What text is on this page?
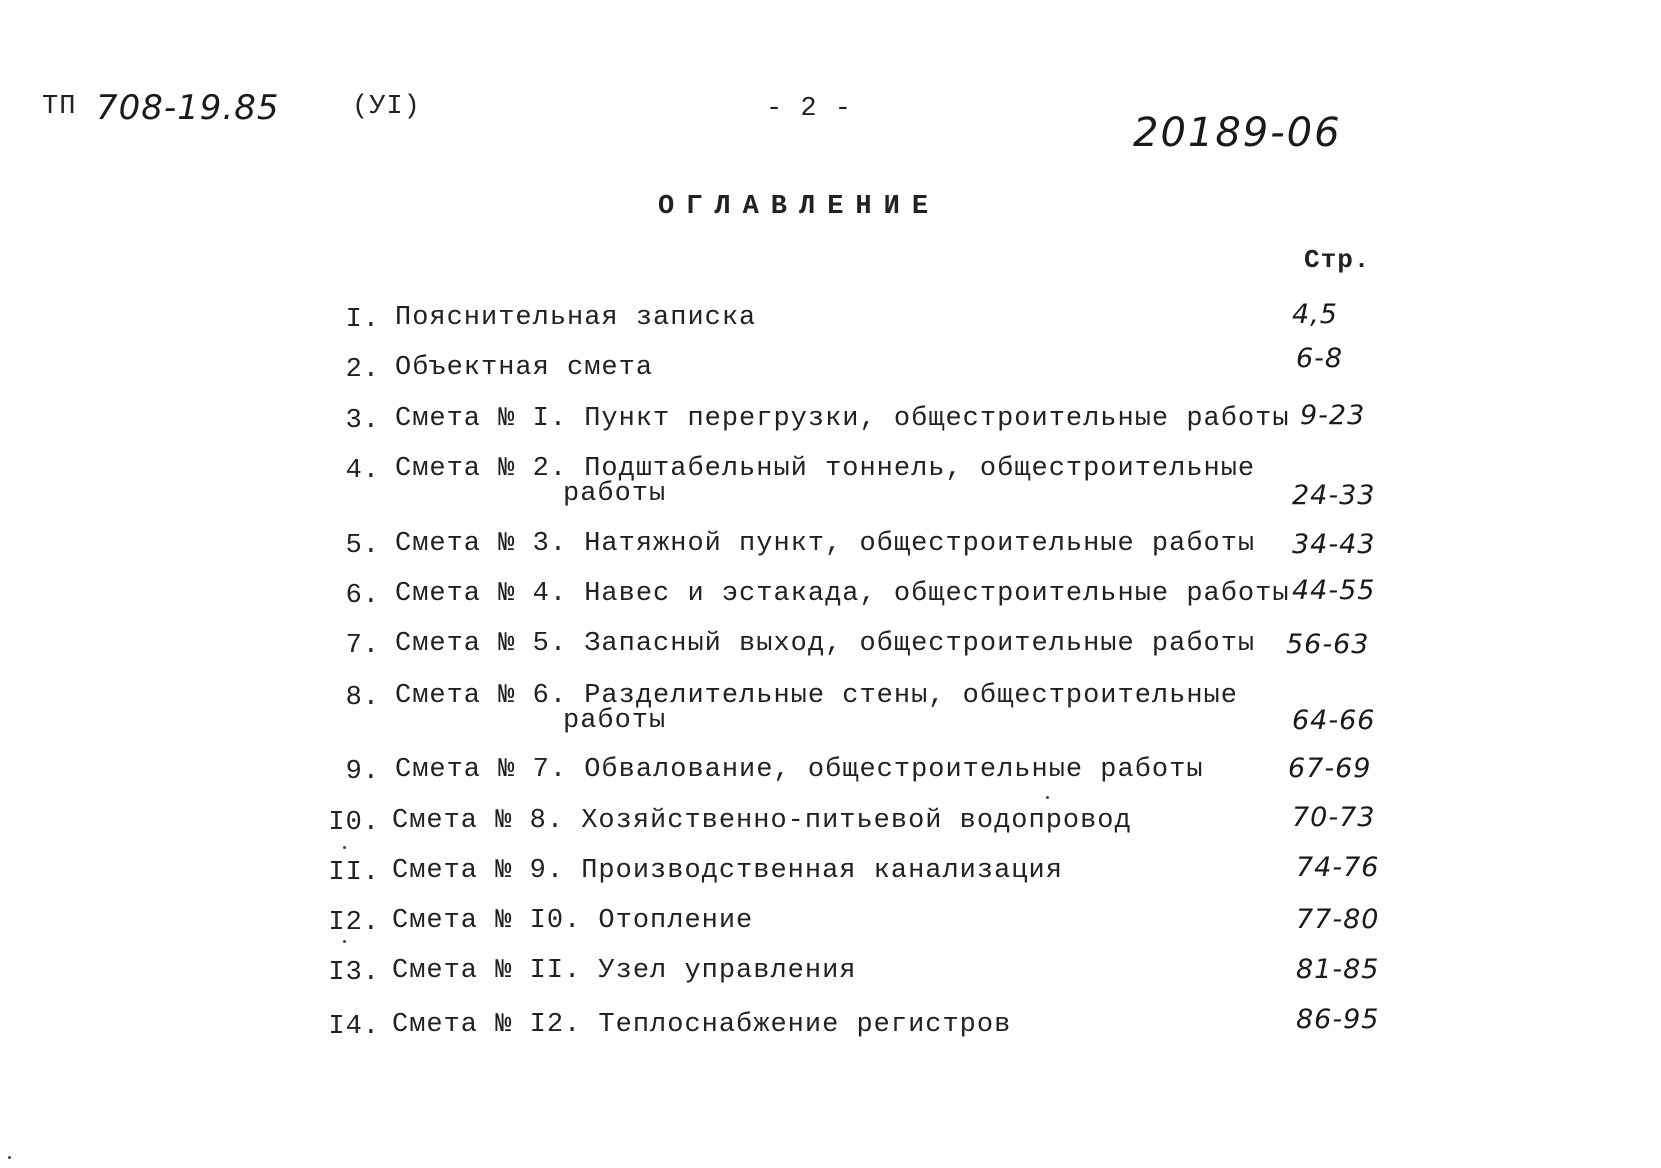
ТП 708-19.85	(УI)	- 2 -
20189-06
ОГЛАВЛЕНИЕ
Стр.
I. Пояснительная записка	4,5
2. Объектная смета	6-8
3. Смета № I. Пункт перегрузки, общестроительные работы 9-23
4. Смета № 2. Подштабельный тоннель, общестроительные
работы	24-33
5. Смета № 3. Натяжной пункт, общестроительные работы 34-43
6. Смета № 4. Навес и эстакада, общестроительные работы 44-55
7. Смета № 5. Запасный выход, общестроительные работы 56-63
8. Смета № 6. Разделительные стены, общестроительные
работы	64-66
9. Смета № 7. Обвалование, общестроительные работы	67-69
I0. Смета № 8. Хозяйственно-питьевой водопровод	70-73
II. Смета № 9. Производственная канализация	74-76
I2. Смета № I0. Отопление	77-80
I3. Смета № II. Узел управления	81-85
I4. Смета № I2. Теплоснабжение регистров	86-95
